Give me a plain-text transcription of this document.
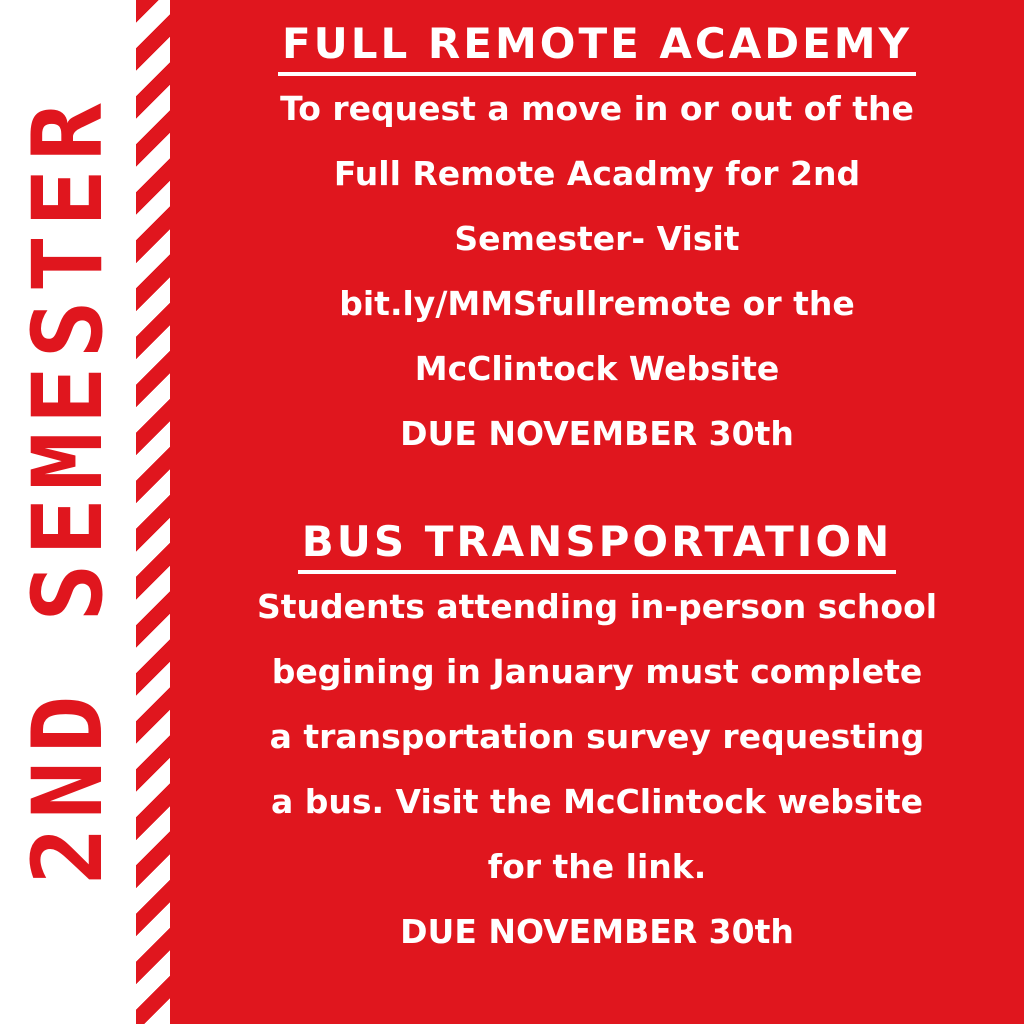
2ND SEMESTER
FULL REMOTE ACADEMY

To request a move in or out of the
Full Remote Acadmy for 2nd
Semester- Visit
bit.ly/MMSfullremote or the
McClintock Website
DUE NOVEMBER 30th

BUS TRANSPORTATION

Students attending in-person school
begining in January must complete
a transportation survey requesting
a bus. Visit the McClintock website
for the link.
DUE NOVEMBER 30th
